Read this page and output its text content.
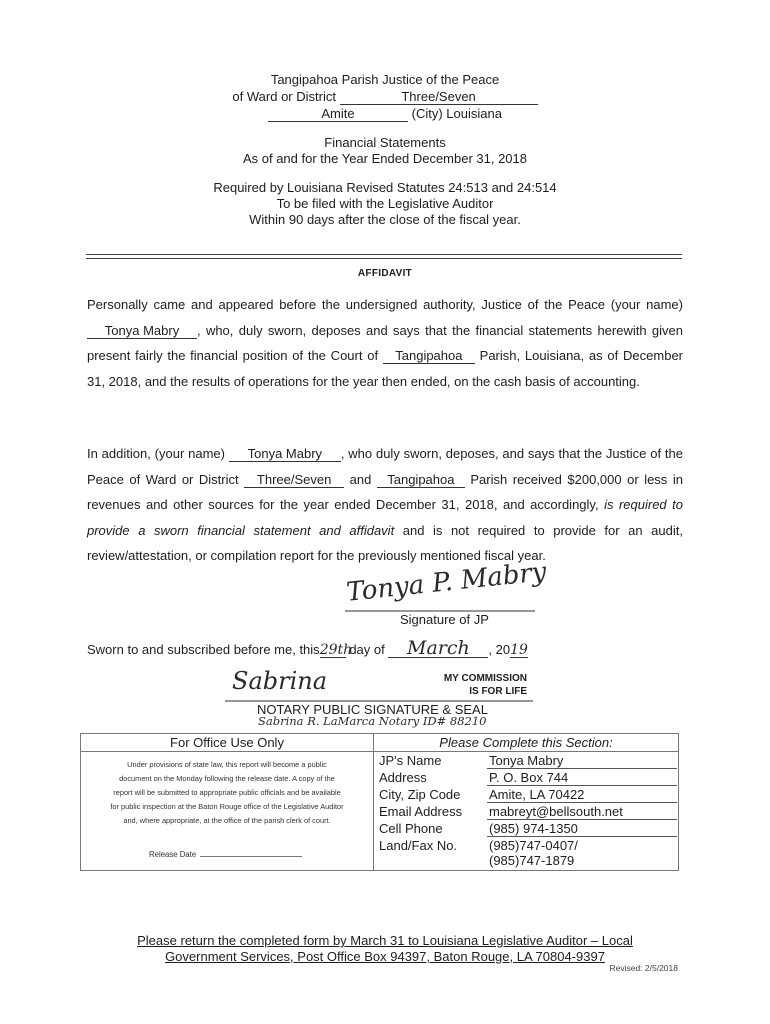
Tangipahoa Parish Justice of the Peace
of Ward or District	Three/Seven
Amite	(City) Louisiana
Financial Statements
As of and for the Year Ended December 31, 2018
Required by Louisiana Revised Statutes 24:513 and 24:514
To be filed with the Legislative Auditor
Within 90 days after the close of the fiscal year.
AFFIDAVIT
Personally came and appeared before the undersigned authority, Justice of the Peace (your name) Tonya Mabry , who, duly sworn, deposes and says that the financial statements herewith given present fairly the financial position of the Court of Tangipahoa Parish, Louisiana, as of December 31, 2018, and the results of operations for the year then ended, on the cash basis of accounting.
In addition, (your name) Tonya Mabry , who duly sworn, deposes, and says that the Justice of the Peace of Ward or District Three/Seven and Tangipahoa Parish received $200,000 or less in revenues and other sources for the year ended December 31, 2018, and accordingly, is required to provide a sworn financial statement and affidavit and is not required to provide for an audit, review/attestation, or compilation report for the previously mentioned fiscal year.
Tonya P. Mabry
Signature of JP
Sworn to and subscribed before me, this29th day of March , 2019
Sabrina	MY COMMISSION
IS FOR LIFE
NOTARY PUBLIC SIGNATURE & SEAL
Sabrina R. LaMarca Notary ID# 88210
For Office Use Only
Under provisions of state law, this report will become a public
document on the Monday following the release date. A copy of the
report will be submitted to appropriate public officials and be available
for public inspection at the Baton Rouge office of the Legislative Auditor
and, where appropriate, at the office of the parish clerk of court.
Release Date
Please Complete this Section:
JP's Name	Tonya Mabry
Address	P. O. Box 744
City, Zip Code Amite, LA 70422
Email Address mabreyt@bellsouth.net
Cell Phone	(985) 974-1350
Land/Fax No. (985)747-0407/
(985)747-1879
Please return the completed form by March 31 to Louisiana Legislative Auditor – Local
Government Services, Post Office Box 94397, Baton Rouge, LA 70804-9397
Revised: 2/5/2018
